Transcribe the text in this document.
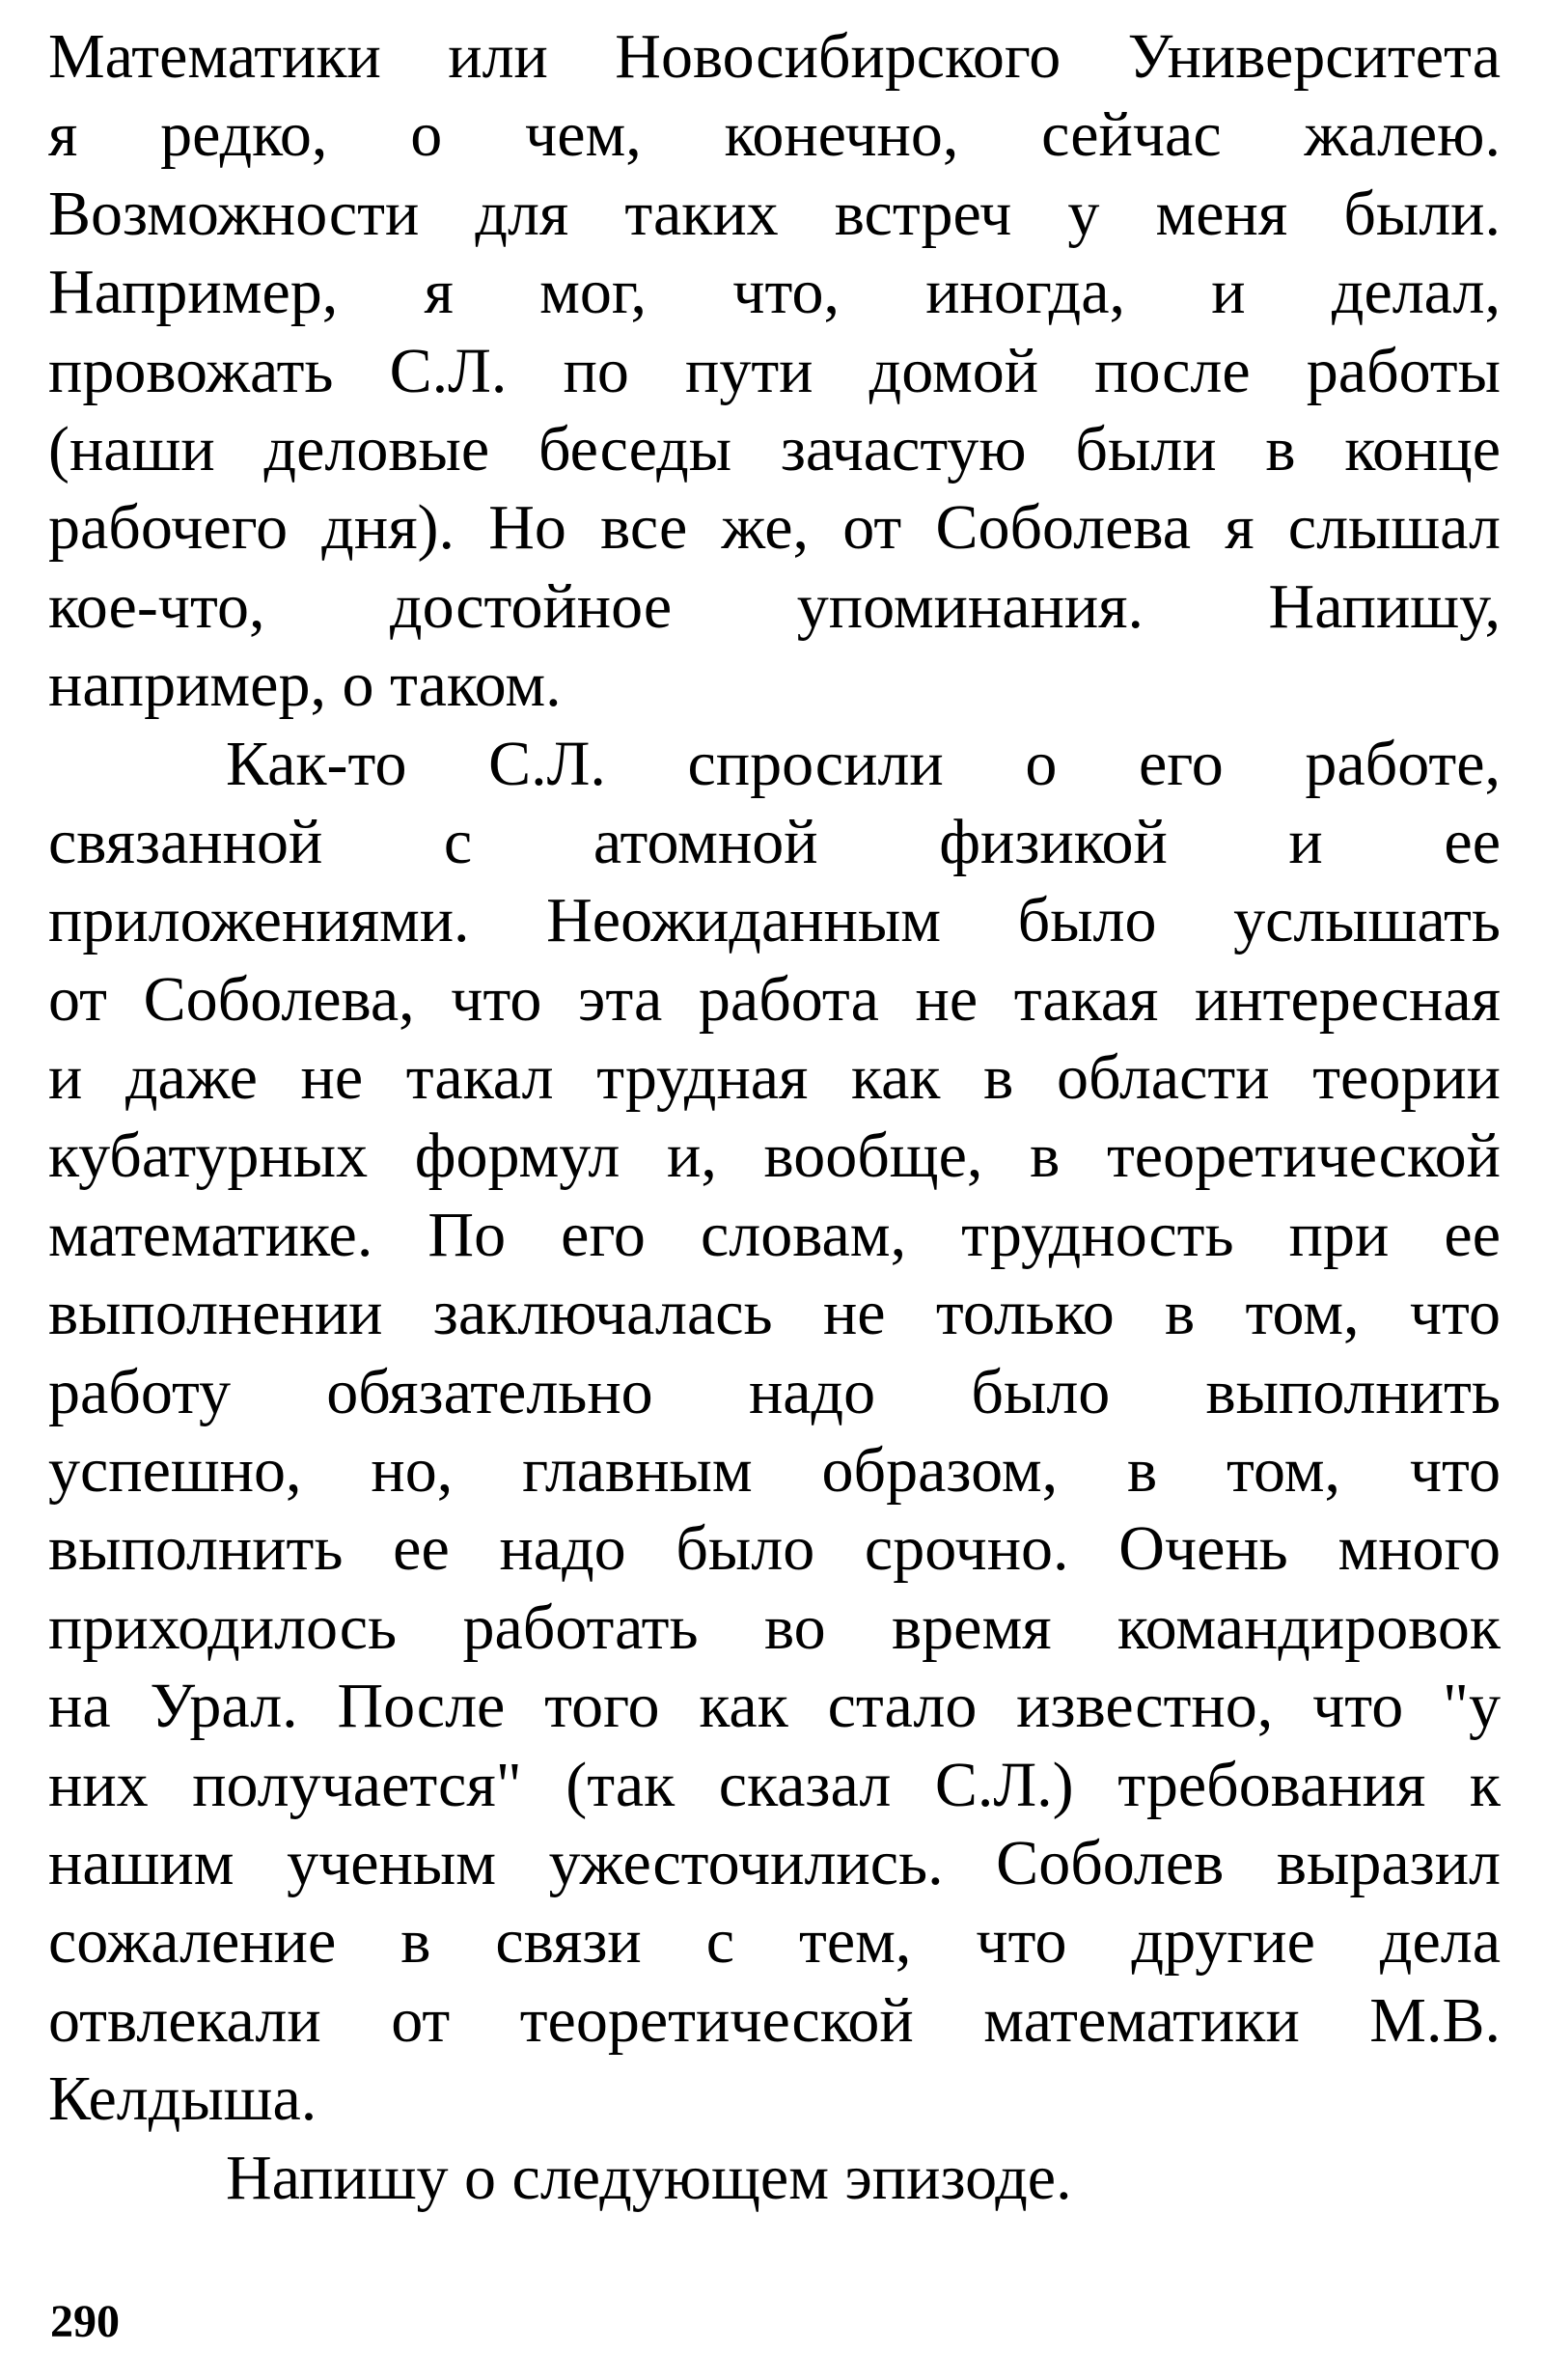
Математики или Новосибирского Университета
я редко, о чем, конечно, сейчас жалею.
Возможности для таких встреч у меня были.
Например, я мог, что, иногда, и делал,
провожать С.Л. по пути домой после работы
(наши деловые беседы зачастую были в конце
рабочего дня). Но все же, от Соболева я слышал
кое-что, достойное упоминания. Напишу,
например, о таком.
Как-то С.Л. спросили о его работе,
связанной с атомной физикой и ее
приложениями. Неожиданным было услышать
от Соболева, что эта работа не такая интересная
и даже не такал трудная как в области теории
кубатурных формул и, вообще, в теоретической
математике. По его словам, трудность при ее
выполнении заключалась не только в том, что
работу обязательно надо было выполнить
успешно, но, главным образом, в том, что
выполнить ее надо было срочно. Очень много
приходилось работать во время командировок
на Урал. После того как стало известно, что "у
них получается" (так сказал С.Л.) требования к
нашим ученым ужесточились. Соболев выразил
сожаление в связи с тем, что другие дела
отвлекали от теоретической математики М.В.
Келдыша.
Напишу о следующем эпизоде.
290
